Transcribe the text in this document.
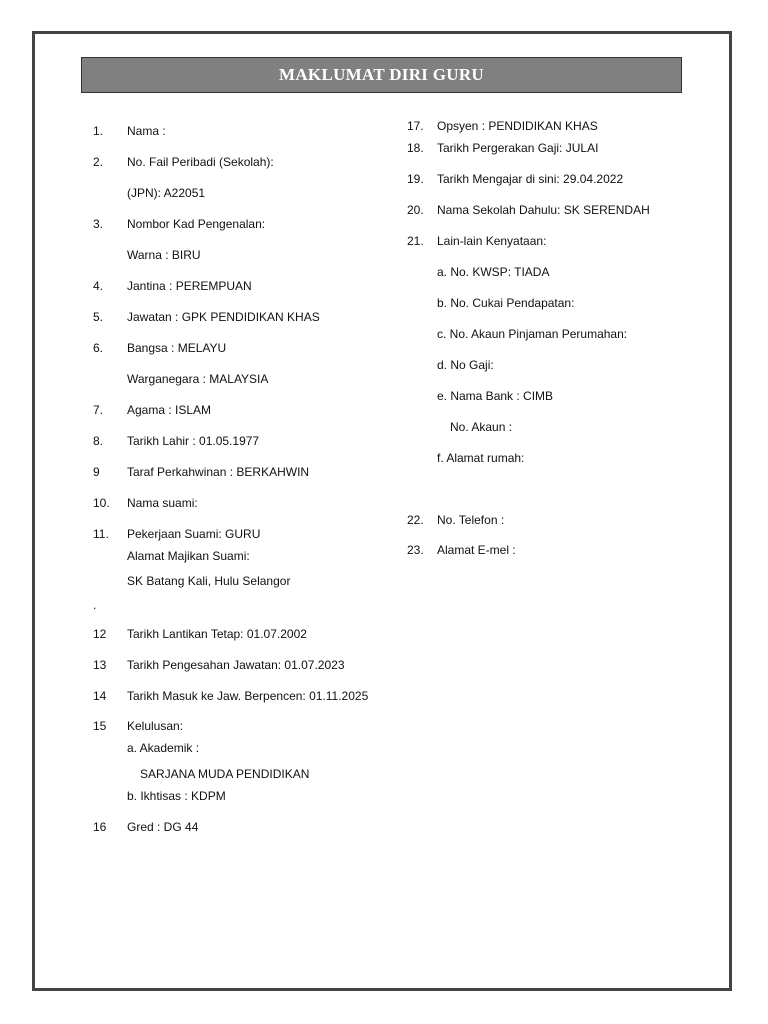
MAKLUMAT DIRI GURU
1. Nama :
2. No. Fail Peribadi (Sekolah):
(JPN): A22051
3. Nombor Kad Pengenalan:
Warna : BIRU
4. Jantina : PEREMPUAN
5. Jawatan : GPK PENDIDIKAN KHAS
6. Bangsa : MELAYU
Warganegara : MALAYSIA
7. Agama : ISLAM
8. Tarikh Lahir : 01.05.1977
9 Taraf Perkahwinan : BERKAHWIN
10. Nama suami:
11. Pekerjaan Suami: GURU
Alamat Majikan Suami:
SK Batang Kali, Hulu Selangor
.
12 Tarikh Lantikan Tetap: 01.07.2002
13 Tarikh Pengesahan Jawatan: 01.07.2023
14 Tarikh Masuk ke Jaw. Berpencen: 01.11.2025
15 Kelulusan:
a. Akademik :
SARJANA MUDA PENDIDIKAN
b. Ikhtisas : KDPM
16 Gred : DG 44
17. Opsyen : PENDIDIKAN KHAS
18. Tarikh Pergerakan Gaji: JULAI
19. Tarikh Mengajar di sini: 29.04.2022
20. Nama Sekolah Dahulu: SK SERENDAH
21. Lain-lain Kenyataan:
a. No. KWSP: TIADA
b. No. Cukai Pendapatan:
c. No. Akaun Pinjaman Perumahan:
d. No Gaji:
e. Nama Bank : CIMB
No. Akaun :
f. Alamat rumah:
22. No. Telefon :
23. Alamat E-mel :
